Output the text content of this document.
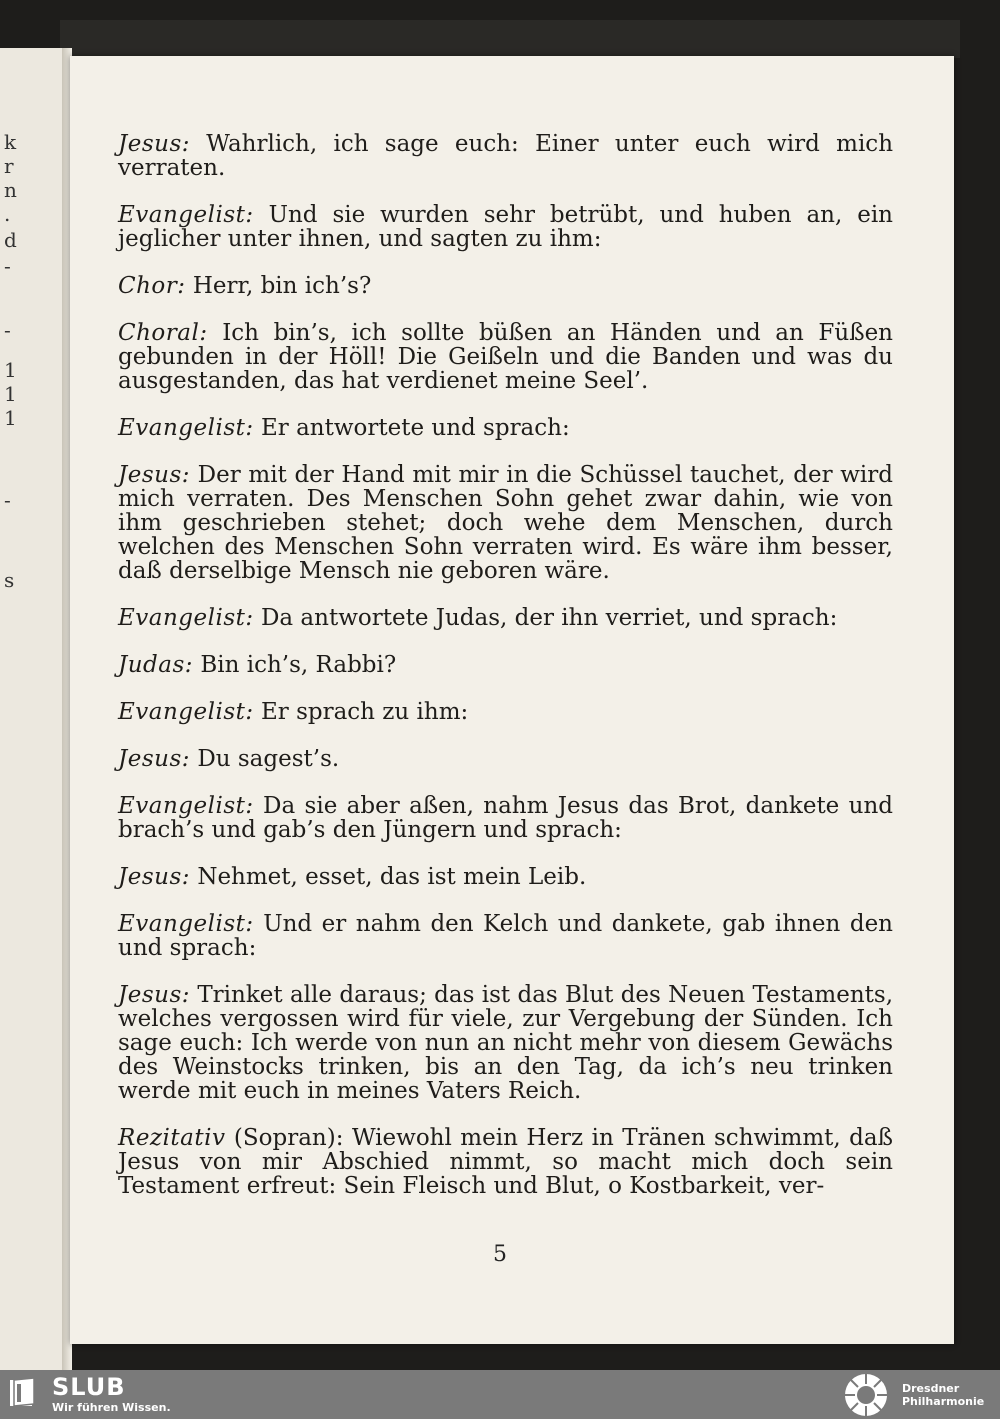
k
r
n
.
d
-
-
1
1
1
-
s

Jesus: Wahrlich, ich sage euch: Einer unter euch wird mich verraten.

Evangelist: Und sie wurden sehr betrübt, und huben an, ein jeglicher unter ihnen, und sagten zu ihm:

Chor: Herr, bin ich’s?

Choral: Ich bin’s, ich sollte büßen an Händen und an Füßen gebunden in der Höll! Die Geißeln und die Banden und was du ausgestanden, das hat verdienet meine Seel’.

Evangelist: Er antwortete und sprach:

Jesus: Der mit der Hand mit mir in die Schüssel tauchet, der wird mich verraten. Des Menschen Sohn gehet zwar dahin, wie von ihm geschrieben stehet; doch wehe dem Menschen, durch welchen des Menschen Sohn verraten wird. Es wäre ihm besser, daß derselbige Mensch nie geboren wäre.

Evangelist: Da antwortete Judas, der ihn verriet, und sprach:

Judas: Bin ich’s, Rabbi?

Evangelist: Er sprach zu ihm:

Jesus: Du sagest’s.

Evangelist: Da sie aber aßen, nahm Jesus das Brot, dankete und brach’s und gab’s den Jüngern und sprach:

Jesus: Nehmet, esset, das ist mein Leib.

Evangelist: Und er nahm den Kelch und dankete, gab ihnen den und sprach:

Jesus: Trinket alle daraus; das ist das Blut des Neuen Testaments, welches vergossen wird für viele, zur Vergebung der Sünden. Ich sage euch: Ich werde von nun an nicht mehr von diesem Gewächs des Weinstocks trinken, bis an den Tag, da ich’s neu trinken werde mit euch in meines Vaters Reich.

Rezitativ (Sopran): Wiewohl mein Herz in Tränen schwimmt, daß Jesus von mir Abschied nimmt, so macht mich doch sein Testament erfreut: Sein Fleisch und Blut, o Kostbarkeit, ver-

5
SLUB
Wir führen Wissen.
Dresdner
Philharmonie
